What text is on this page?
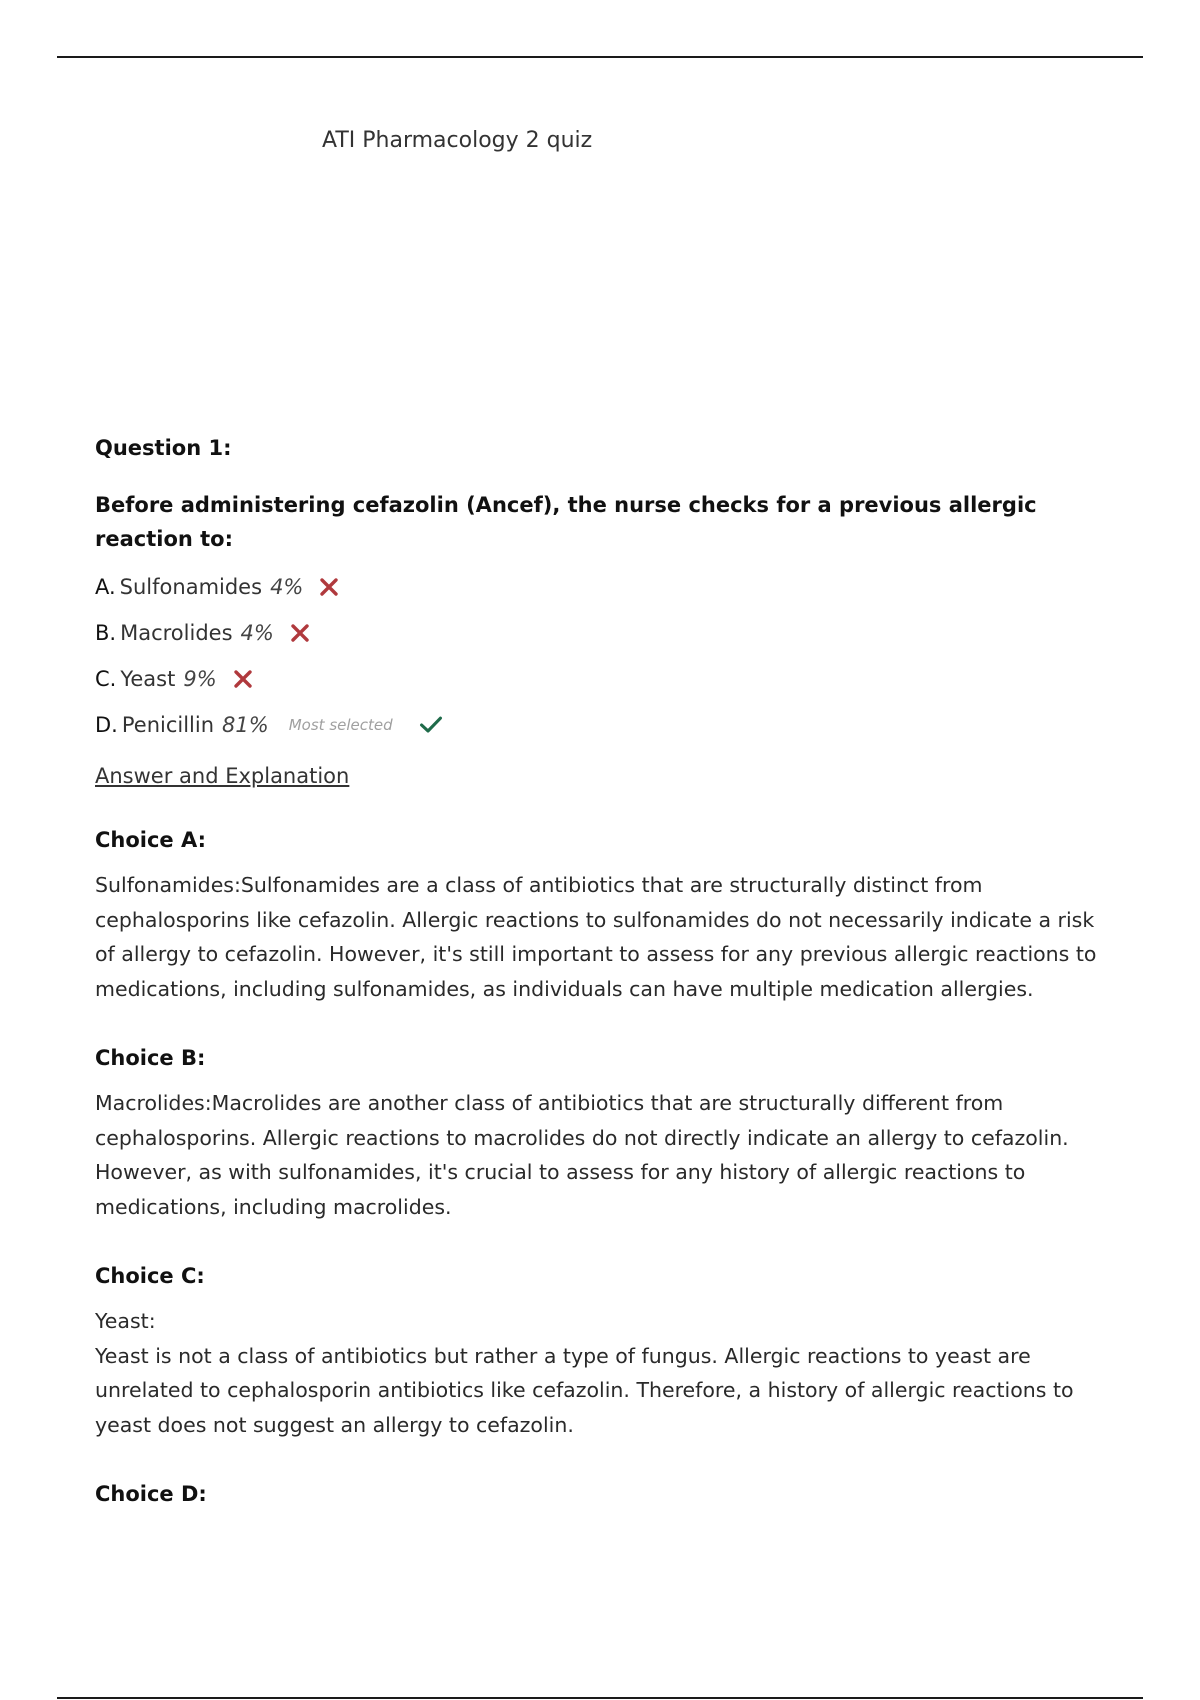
ATI Pharmacology 2 quiz

Question 1:

Before administering cefazolin (Ancef), the nurse checks for a previous allergic reaction to:

A. Sulfonamides 4%
B. Macrolides 4%
C. Yeast 9%
D. Penicillin 81% Most selected
Answer and Explanation

Choice A:

Sulfonamides:Sulfonamides are a class of antibiotics that are structurally distinct from cephalosporins like cefazolin. Allergic reactions to sulfonamides do not necessarily indicate a risk of allergy to cefazolin. However, it's still important to assess for any previous allergic reactions to medications, including sulfonamides, as individuals can have multiple medication allergies.

Choice B:

Macrolides:Macrolides are another class of antibiotics that are structurally different from cephalosporins. Allergic reactions to macrolides do not directly indicate an allergy to cefazolin. However, as with sulfonamides, it's crucial to assess for any history of allergic reactions to medications, including macrolides.

Choice C:

Yeast:

Yeast is not a class of antibiotics but rather a type of fungus. Allergic reactions to yeast are unrelated to cephalosporin antibiotics like cefazolin. Therefore, a history of allergic reactions to yeast does not suggest an allergy to cefazolin.

Choice D:
